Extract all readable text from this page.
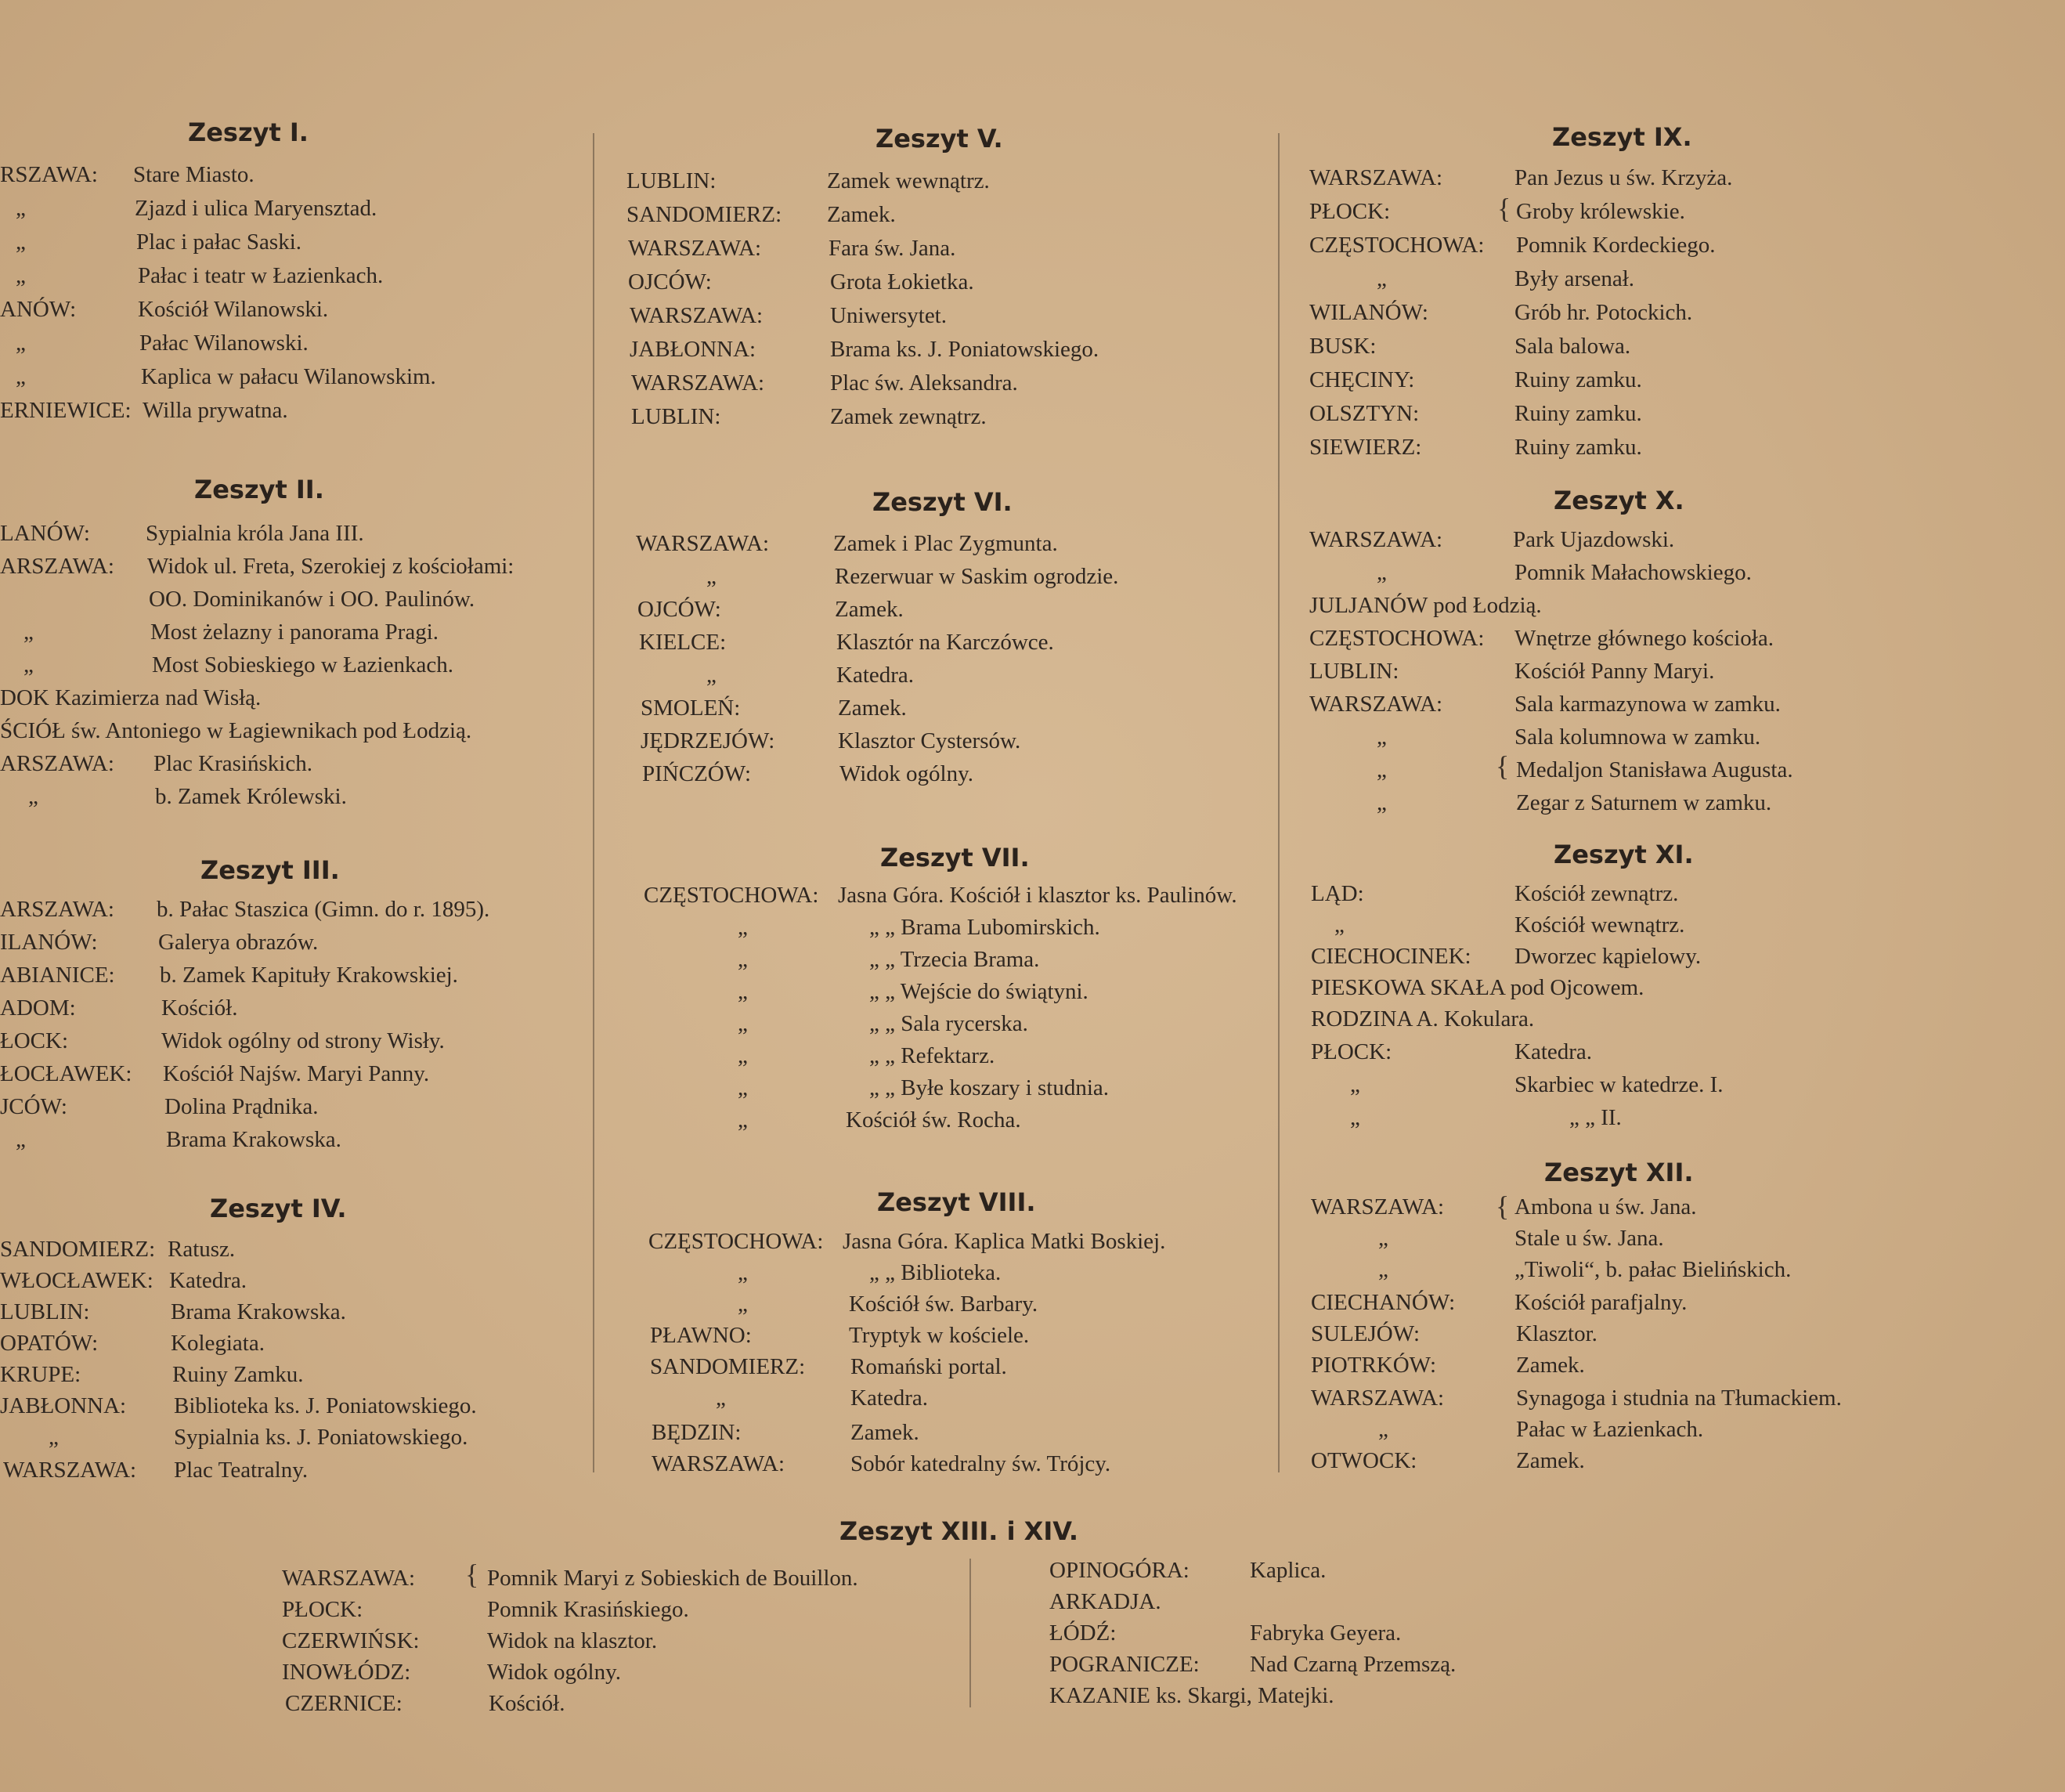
{
{
{
{
Zeszyt I.
RSZAWA: Stare Miasto.
„	Zjazd i ulica Maryensztad.
„	Plac i pałac Saski.
„	Pałac i teatr w Łazienkach.
ANÓW:	Kościół Wilanowski.
„	Pałac Wilanowski.
„	Kaplica w pałacu Wilanowskim.
ERNIEWICE: Willa prywatna.
Zeszyt II.
LANÓW: Sypialnia króla Jana III.
ARSZAWA: Widok ul. Freta, Szerokiej z kościołami:
OO. Dominikanów i OO. Paulinów.
„	Most żelazny i panorama Pragi.
„	Most Sobieskiego w Łazienkach.
DOK Kazimierza nad Wisłą.
ŚCIÓŁ św. Antoniego w Łagiewnikach pod Łodzią.
ARSZAWA: Plac Krasińskich.
„	b. Zamek Królewski.
Zeszyt III.
ARSZAWA: b. Pałac Staszica (Gimn. do r. 1895).
ILANÓW:	Galerya obrazów.
ABIANICE: b. Zamek Kapituły Krakowskiej.
ADOM:	Kościół.
ŁOCK:	Widok ogólny od strony Wisły.
ŁOCŁAWEK: Kościół Najśw. Maryi Panny.
JCÓW:	Dolina Prądnika.
„	Brama Krakowska.
Zeszyt IV.
SANDOMIERZ: Ratusz.
WŁOCŁAWEK: Katedra.
LUBLIN:	Brama Krakowska.
OPATÓW:	Kolegiata.
KRUPE:	Ruiny Zamku.
JABŁONNA: Biblioteka ks. J. Poniatowskiego.
„	Sypialnia ks. J. Poniatowskiego.
WARSZAWA: Plac Teatralny.
Zeszyt V.
LUBLIN:	Zamek wewnątrz.
SANDOMIERZ: Zamek.
WARSZAWA:	Fara św. Jana.
OJCÓW:	Grota Łokietka.
WARSZAWA:	Uniwersytet.
JABŁONNA:	Brama ks. J. Poniatowskiego.
WARSZAWA:	Plac św. Aleksandra.
LUBLIN:	Zamek zewnątrz.
Zeszyt VI.
WARSZAWA:	Zamek i Plac Zygmunta.
„	Rezerwuar w Saskim ogrodzie.
OJCÓW:	Zamek.
KIELCE:	Klasztór na Karczówce.
„	Katedra.
SMOLEŃ:	Zamek.
JĘDRZEJÓW:	Klasztor Cystersów.
PIŃCZÓW:	Widok ogólny.
Zeszyt VII.
CZĘSTOCHOWA: Jasna Góra. Kościół i klasztor ks. Paulinów.
„	„ „ Brama Lubomirskich.
„	„ „ Trzecia Brama.
„	„ „ Wejście do świątyni.
„	„ „ Sala rycerska.
„	„ „ Refektarz.
„	„ „ Byłe koszary i studnia.
„	Kościół św. Rocha.
Zeszyt VIII.
CZĘSTOCHOWA: Jasna Góra. Kaplica Matki Boskiej.
„	„ „ Biblioteka.
„	Kościół św. Barbary.
PŁAWNO:	Tryptyk w kościele.
SANDOMIERZ: Romański portal.
„	Katedra.
BĘDZIN:	Zamek.
WARSZAWA:	Sobór katedralny św. Trójcy.
Zeszyt IX.
WARSZAWA:	Pan Jezus u św. Krzyża.
PŁOCK:	Groby królewskie.
CZĘSTOCHOWA: Pomnik Kordeckiego.
„	Były arsenał.
WILANÓW:	Grób hr. Potockich.
BUSK:	Sala balowa.
CHĘCINY:	Ruiny zamku.
OLSZTYN:	Ruiny zamku.
SIEWIERZ:	Ruiny zamku.
Zeszyt X.
WARSZAWA:	Park Ujazdowski.
„	Pomnik Małachowskiego.
JULJANÓW pod Łodzią.
CZĘSTOCHOWA: Wnętrze głównego kościoła.
LUBLIN:	Kościół Panny Maryi.
WARSZAWA:	Sala karmazynowa w zamku.
„	Sala kolumnowa w zamku.
„	Medaljon Stanisława Augusta.
„	Zegar z Saturnem w zamku.
Zeszyt XI.
LĄD:	Kościół zewnątrz.
„	Kościół wewnątrz.
CIECHOCINEK: Dworzec kąpielowy.
PIESKOWA SKAŁA pod Ojcowem.
RODZINA A. Kokulara.
PŁOCK:	Katedra.
„	Skarbiec w katedrze. I.
„	„ „ II.
Zeszyt XII.
WARSZAWA:	Ambona u św. Jana.
„	Stale u św. Jana.
„	„Tiwoli“, b. pałac Bielińskich.
CIECHANÓW:	Kościół parafjalny.
SULEJÓW:	Klasztor.
PIOTRKÓW:	Zamek.
WARSZAWA:	Synagoga i studnia na Tłumackiem.
„	Pałac w Łazienkach.
OTWOCK:	Zamek.
Zeszyt XIII. i XIV.
WARSZAWA:	Pomnik Maryi z Sobieskich de Bouillon.
PŁOCK:	Pomnik Krasińskiego.
CZERWIŃSK:	Widok na klasztor.
INOWŁÓDZ:	Widok ogólny.
CZERNICE:	Kościół.
OPINOGÓRA:	Kaplica.
ARKADJA.
ŁÓDŹ:	Fabryka Geyera.
POGRANICZE: Nad Czarną Przemszą.
KAZANIE ks. Skargi, Matejki.
